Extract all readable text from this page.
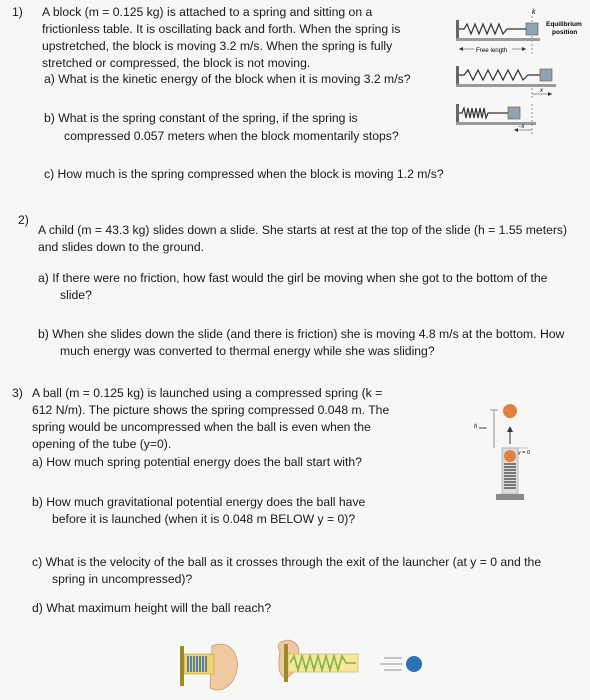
1) A block (m = 0.125 kg) is attached to a spring and sitting on a
frictionless table. It is oscillating back and forth. When the spring is
upstretched, the block is moving 3.2 m/s. When the spring is fully
stretched or compressed, the block is not moving.
a) What is the kinetic energy of the block when it is moving 3.2 m/s?
b) What is the spring constant of the spring, if the spring is
compressed 0.057 meters when the block momentarily stops?
c) How much is the spring compressed when the block is moving 1.2 m/s?
k
Equilibrium
position
Free length
x
−x
2)
A child (m = 43.3 kg) slides down a slide. She starts at rest at the top of the slide (h = 1.55 meters)
and slides down to the ground.
a) If there were no friction, how fast would the girl be moving when she got to the bottom of the
slide?
b) When she slides down the slide (and there is friction) she is moving 4.8 m/s at the bottom. How
much energy was converted to thermal energy while she was sliding?
3) A ball (m = 0.125 kg) is launched using a compressed spring (k =
612 N/m). The picture shows the spring compressed 0.048 m. The
spring would be uncompressed when the ball is even when the
opening of the tube (y=0).
a) How much spring potential energy does the ball start with?
b) How much gravitational potential energy does the ball have
before it is launched (when it is 0.048 m BELOW y = 0)?
c) What is the velocity of the ball as it crosses through the exit of the launcher (at y = 0 and the
spring in uncompressed)?
d) What maximum height will the ball reach?
h max
y = 0
